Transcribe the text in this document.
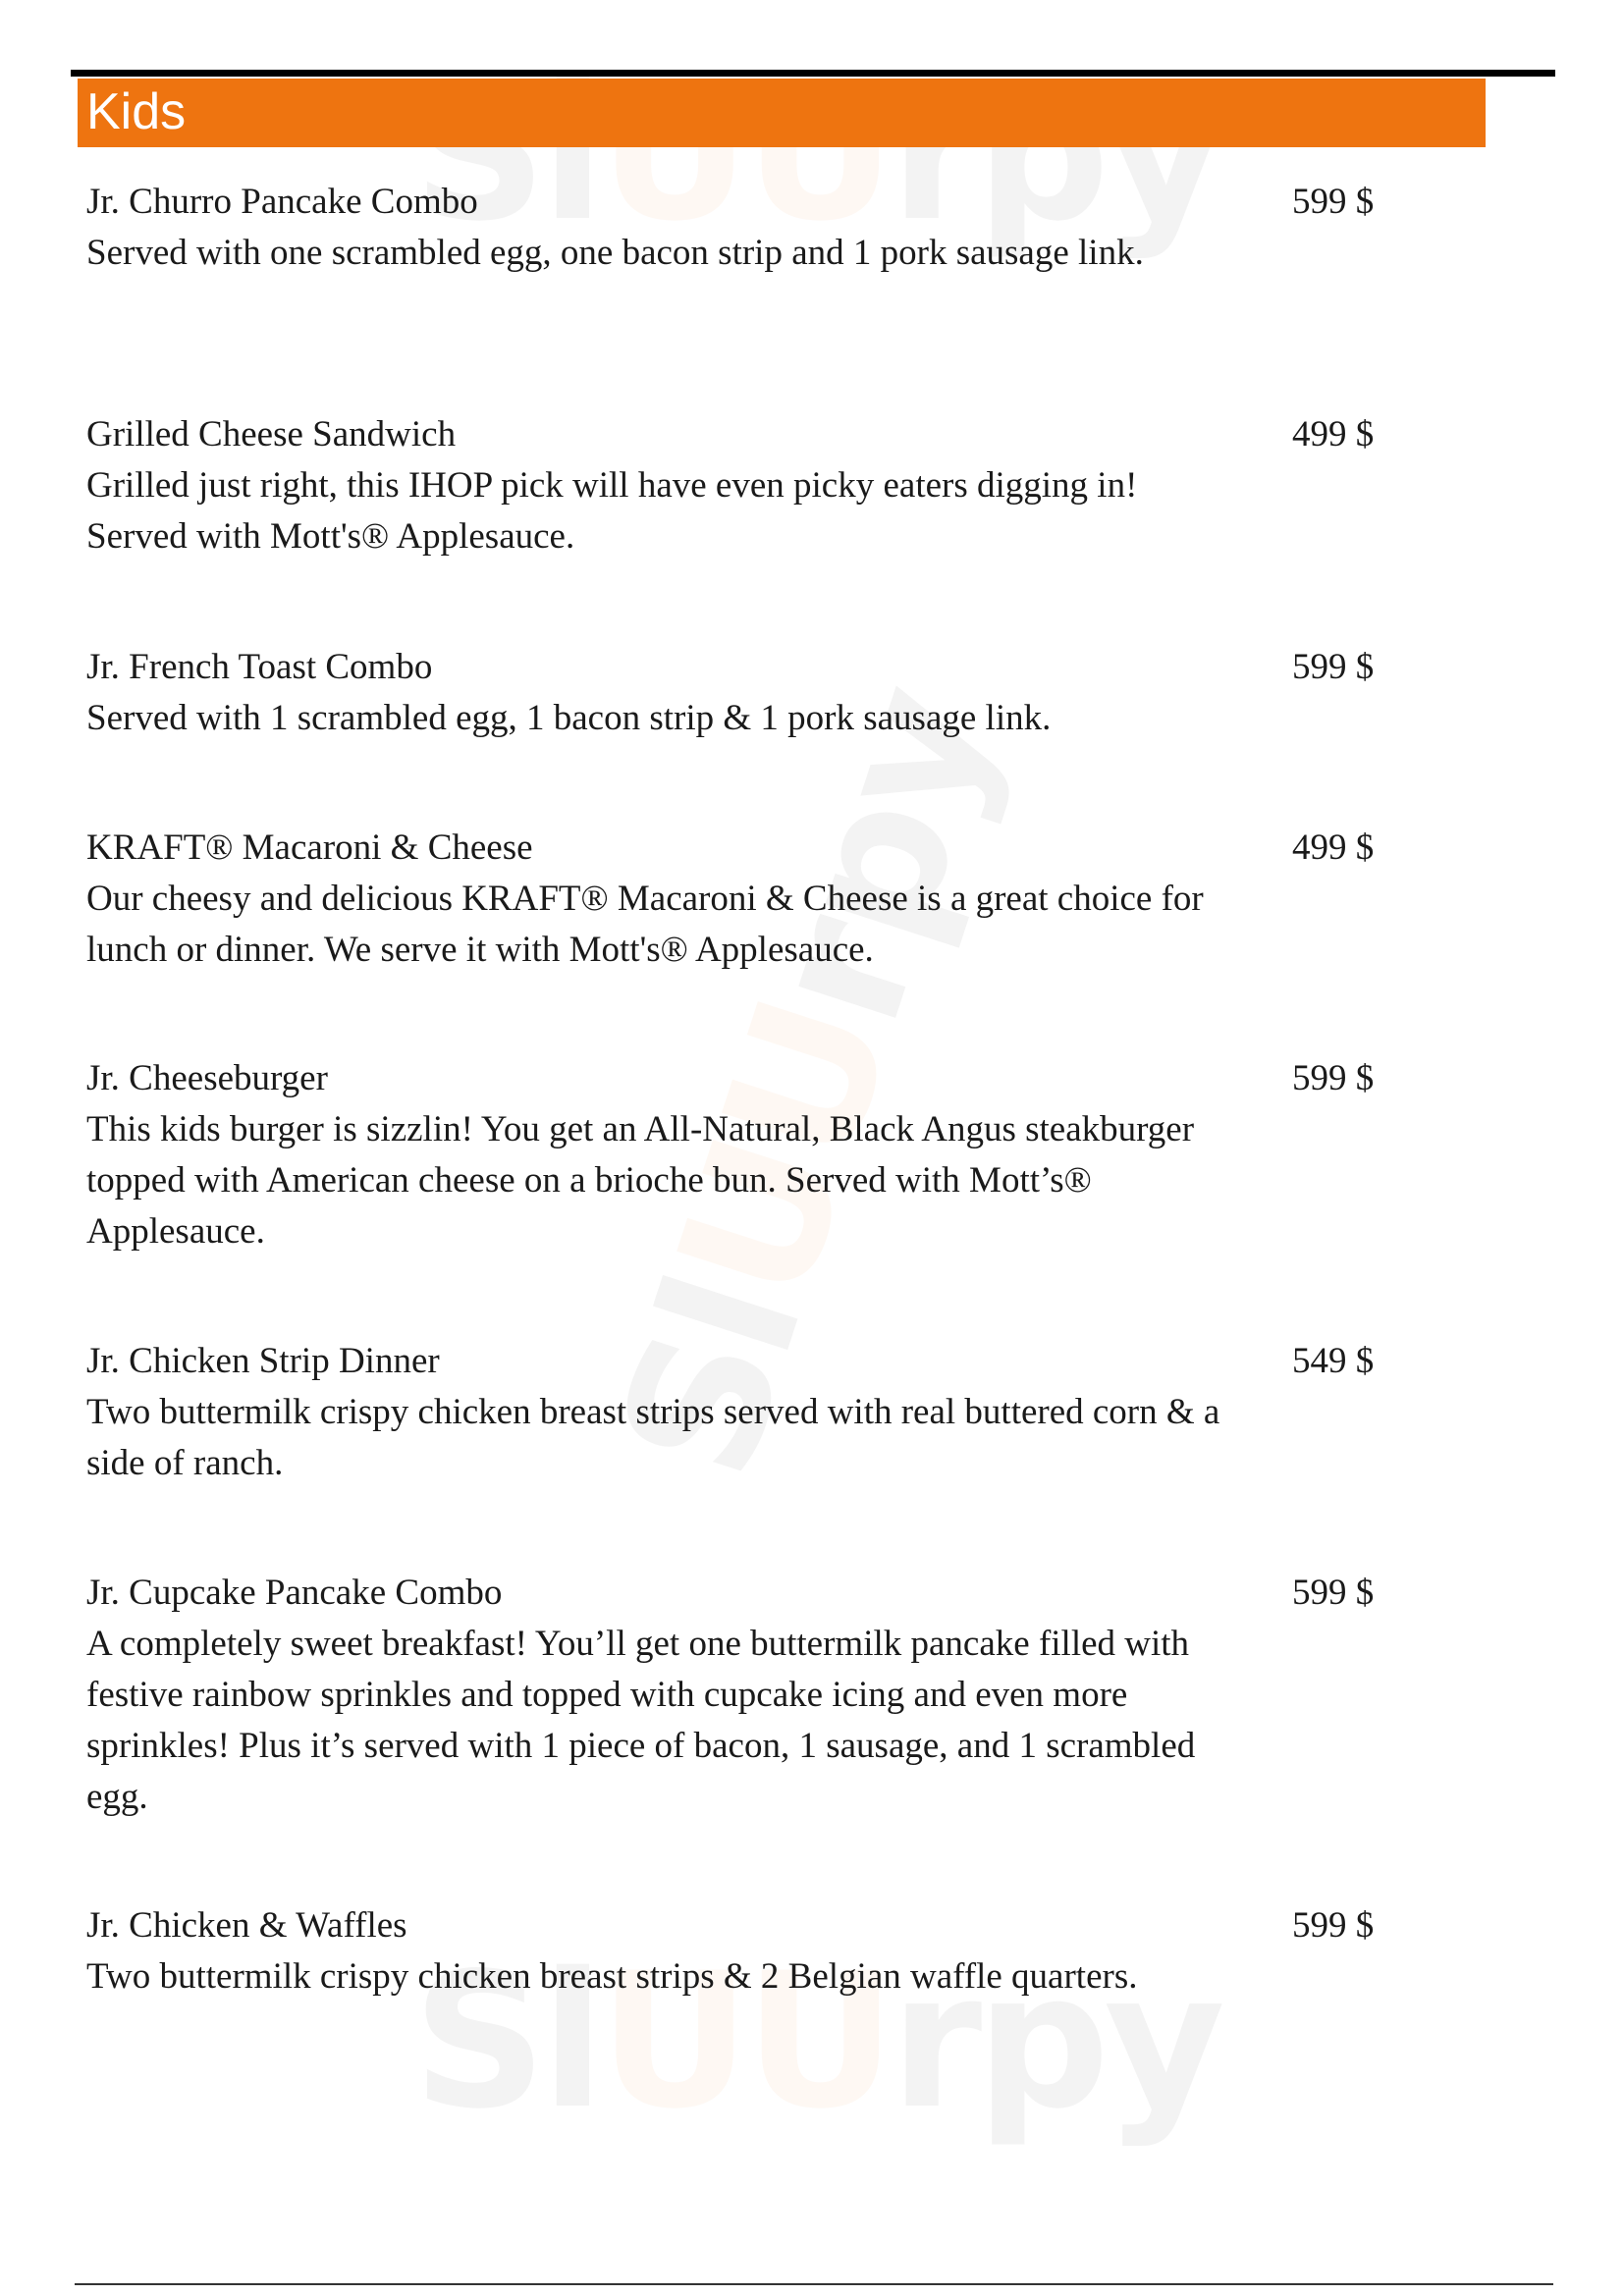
Kids

Jr. Churro Pancake Combo

Served with one scrambled egg, one bacon strip and 1 pork sausage link.

599 $

Grilled Cheese Sandwich

Grilled just right, this IHOP pick will have even picky eaters digging in! Served with Mott's® Applesauce.

499 $

Jr. French Toast Combo

Served with 1 scrambled egg, 1 bacon strip & 1 pork sausage link.

599 $

KRAFT® Macaroni & Cheese

Our cheesy and delicious KRAFT® Macaroni & Cheese is a great choice for lunch or dinner. We serve it with Mott's® Applesauce.

499 $

Jr. Cheeseburger

This kids burger is sizzlin! You get an All-Natural, Black Angus steakburger topped with American cheese on a brioche bun. Served with Mott’s® Applesauce.

599 $

Jr. Chicken Strip Dinner

Two buttermilk crispy chicken breast strips served with real buttered corn & a side of ranch.

549 $

Jr. Cupcake Pancake Combo

A completely sweet breakfast! You’ll get one buttermilk pancake filled with festive rainbow sprinkles and topped with cupcake icing and even more sprinkles! Plus it’s served with 1 piece of bacon, 1 sausage, and 1 scrambled egg.

599 $

Jr. Chicken & Waffles

Two buttermilk crispy chicken breast strips & 2 Belgian waffle quarters.

599 $
